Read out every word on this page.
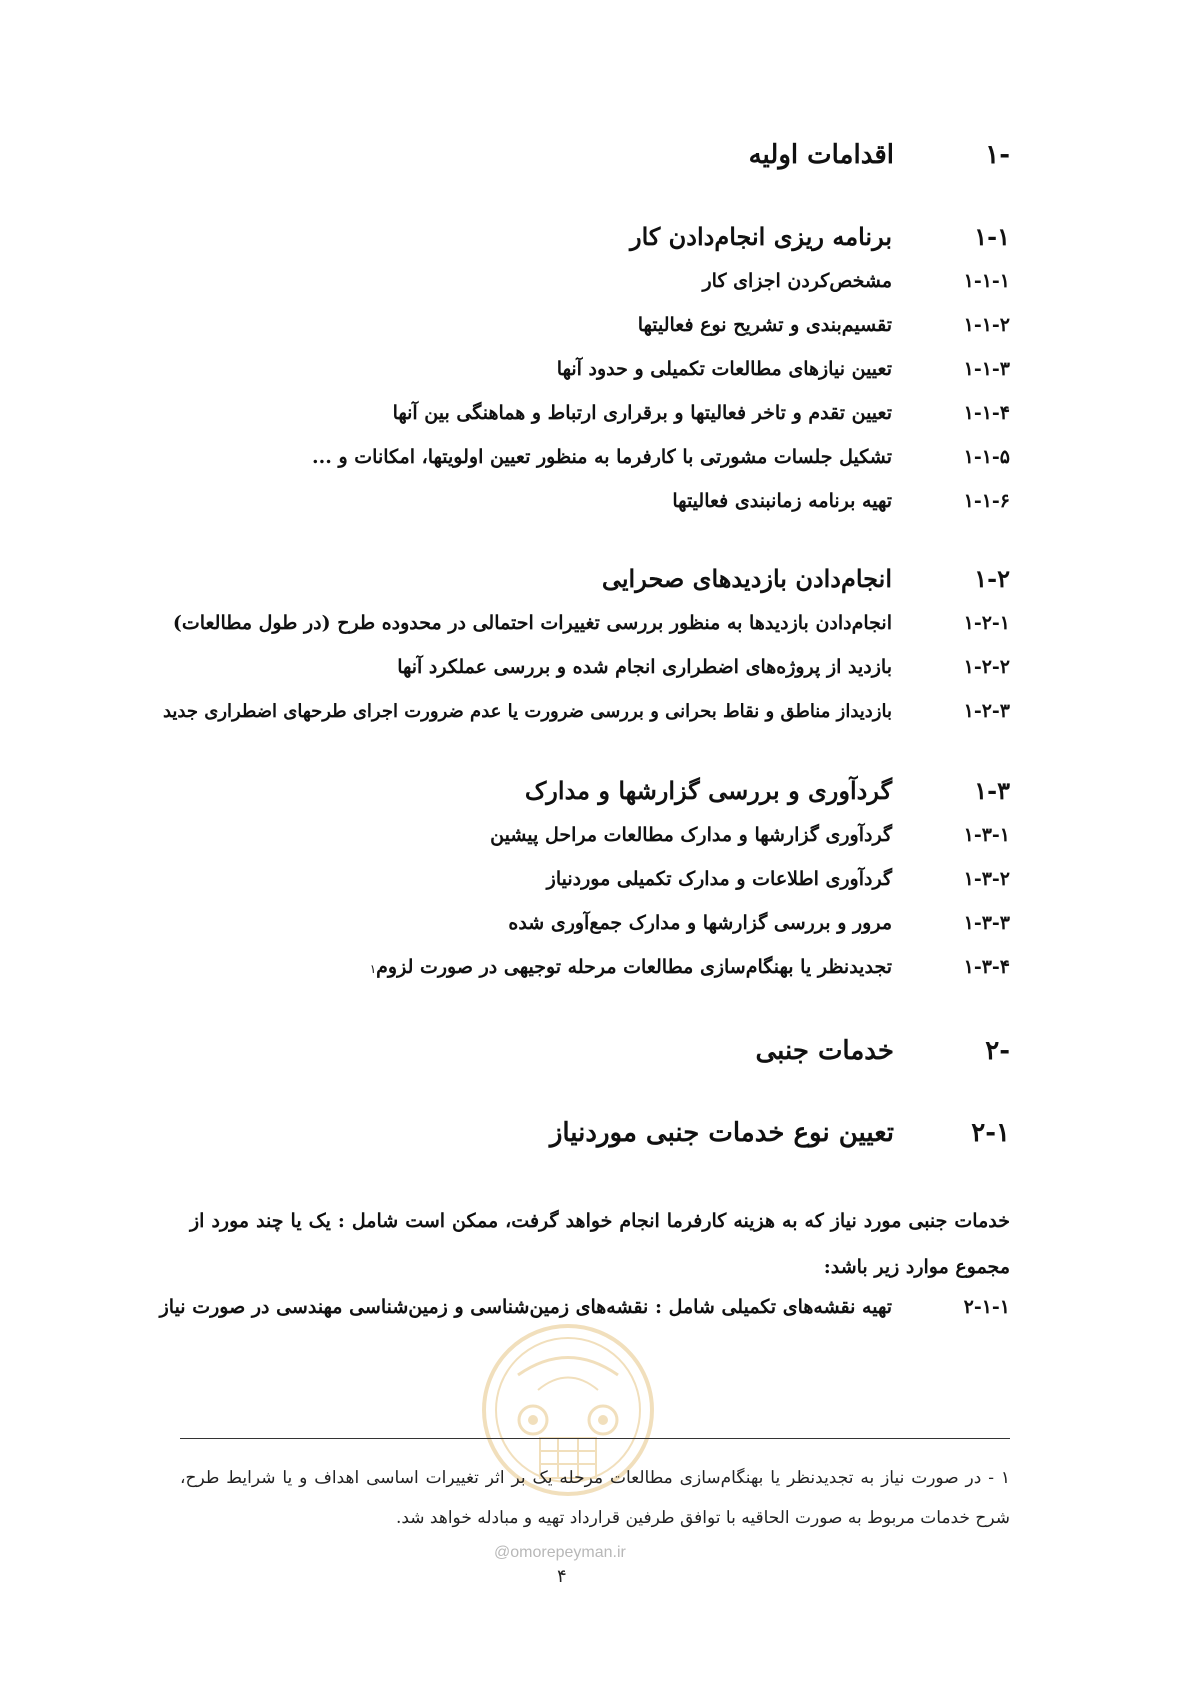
-۱
اقدامات اولیه
۱-۱
برنامه ریزی انجام‌دادن کار
۱-۱-۱
مشخص‌کردن اجزای کار
۱-۱-۲
تقسیم‌بندی و تشریح نوع فعالیتها
۱-۱-۳
تعیین نیازهای مطالعات تکمیلی و حدود آنها
۱-۱-۴
تعیین تقدم و تاخر فعالیتها و برقراری ارتباط و هماهنگی بین آنها
۱-۱-۵
تشکیل جلسات مشورتی با کارفرما به منظور تعیین اولویتها، امکانات و ...
۱-۱-۶
تهیه برنامه زمانبندی فعالیتها
۱-۲
انجام‌دادن بازدیدهای صحرایی
۱-۲-۱
انجام‌دادن بازدیدها به منظور بررسی تغییرات احتمالی در محدوده طرح (در طول مطالعات)
۱-۲-۲
بازدید از پروژه‌های اضطراری انجام شده و بررسی عملکرد آنها
۱-۲-۳
بازدیداز مناطق و نقاط بحرانی و بررسی ضرورت یا عدم ضرورت اجرای طرحهای اضطراری جدید
۱-۳
گردآوری و بررسی گزارشها و مدارک
۱-۳-۱
گردآوری گزارشها و مدارک مطالعات مراحل پیشین
۱-۳-۲
گردآوری اطلاعات و مدارک تکمیلی موردنیاز
۱-۳-۳
مرور و بررسی گزارشها و مدارک جمع‌آوری شده
۱-۳-۴
تجدیدنظر یا بهنگام‌سازی مطالعات مرحله توجیهی در صورت لزوم
۱
-۲
خدمات جنبی
۲-۱
تعیین نوع خدمات جنبی موردنیاز
خدمات جنبی مورد نیاز که به هزینه کارفرما انجام خواهد گرفت، ممکن است شامل : یک یا چند مورد از مجموع موارد زیر باشد:
۲-۱-۱
تهیه نقشه‌های تکمیلی شامل : نقشه‌های زمین‌شناسی و زمین‌شناسی مهندسی در صورت نیاز
۱ - در صورت نیاز به تجدیدنظر یا بهنگام‌سازی مطالعات مرحله یک بر اثر تغییرات اساسی اهداف و یا شرایط طرح، شرح خدمات مربوط به صورت الحاقیه با توافق طرفین قرارداد تهیه و مبادله خواهد شد.
@omorepeyman.ir
۴
